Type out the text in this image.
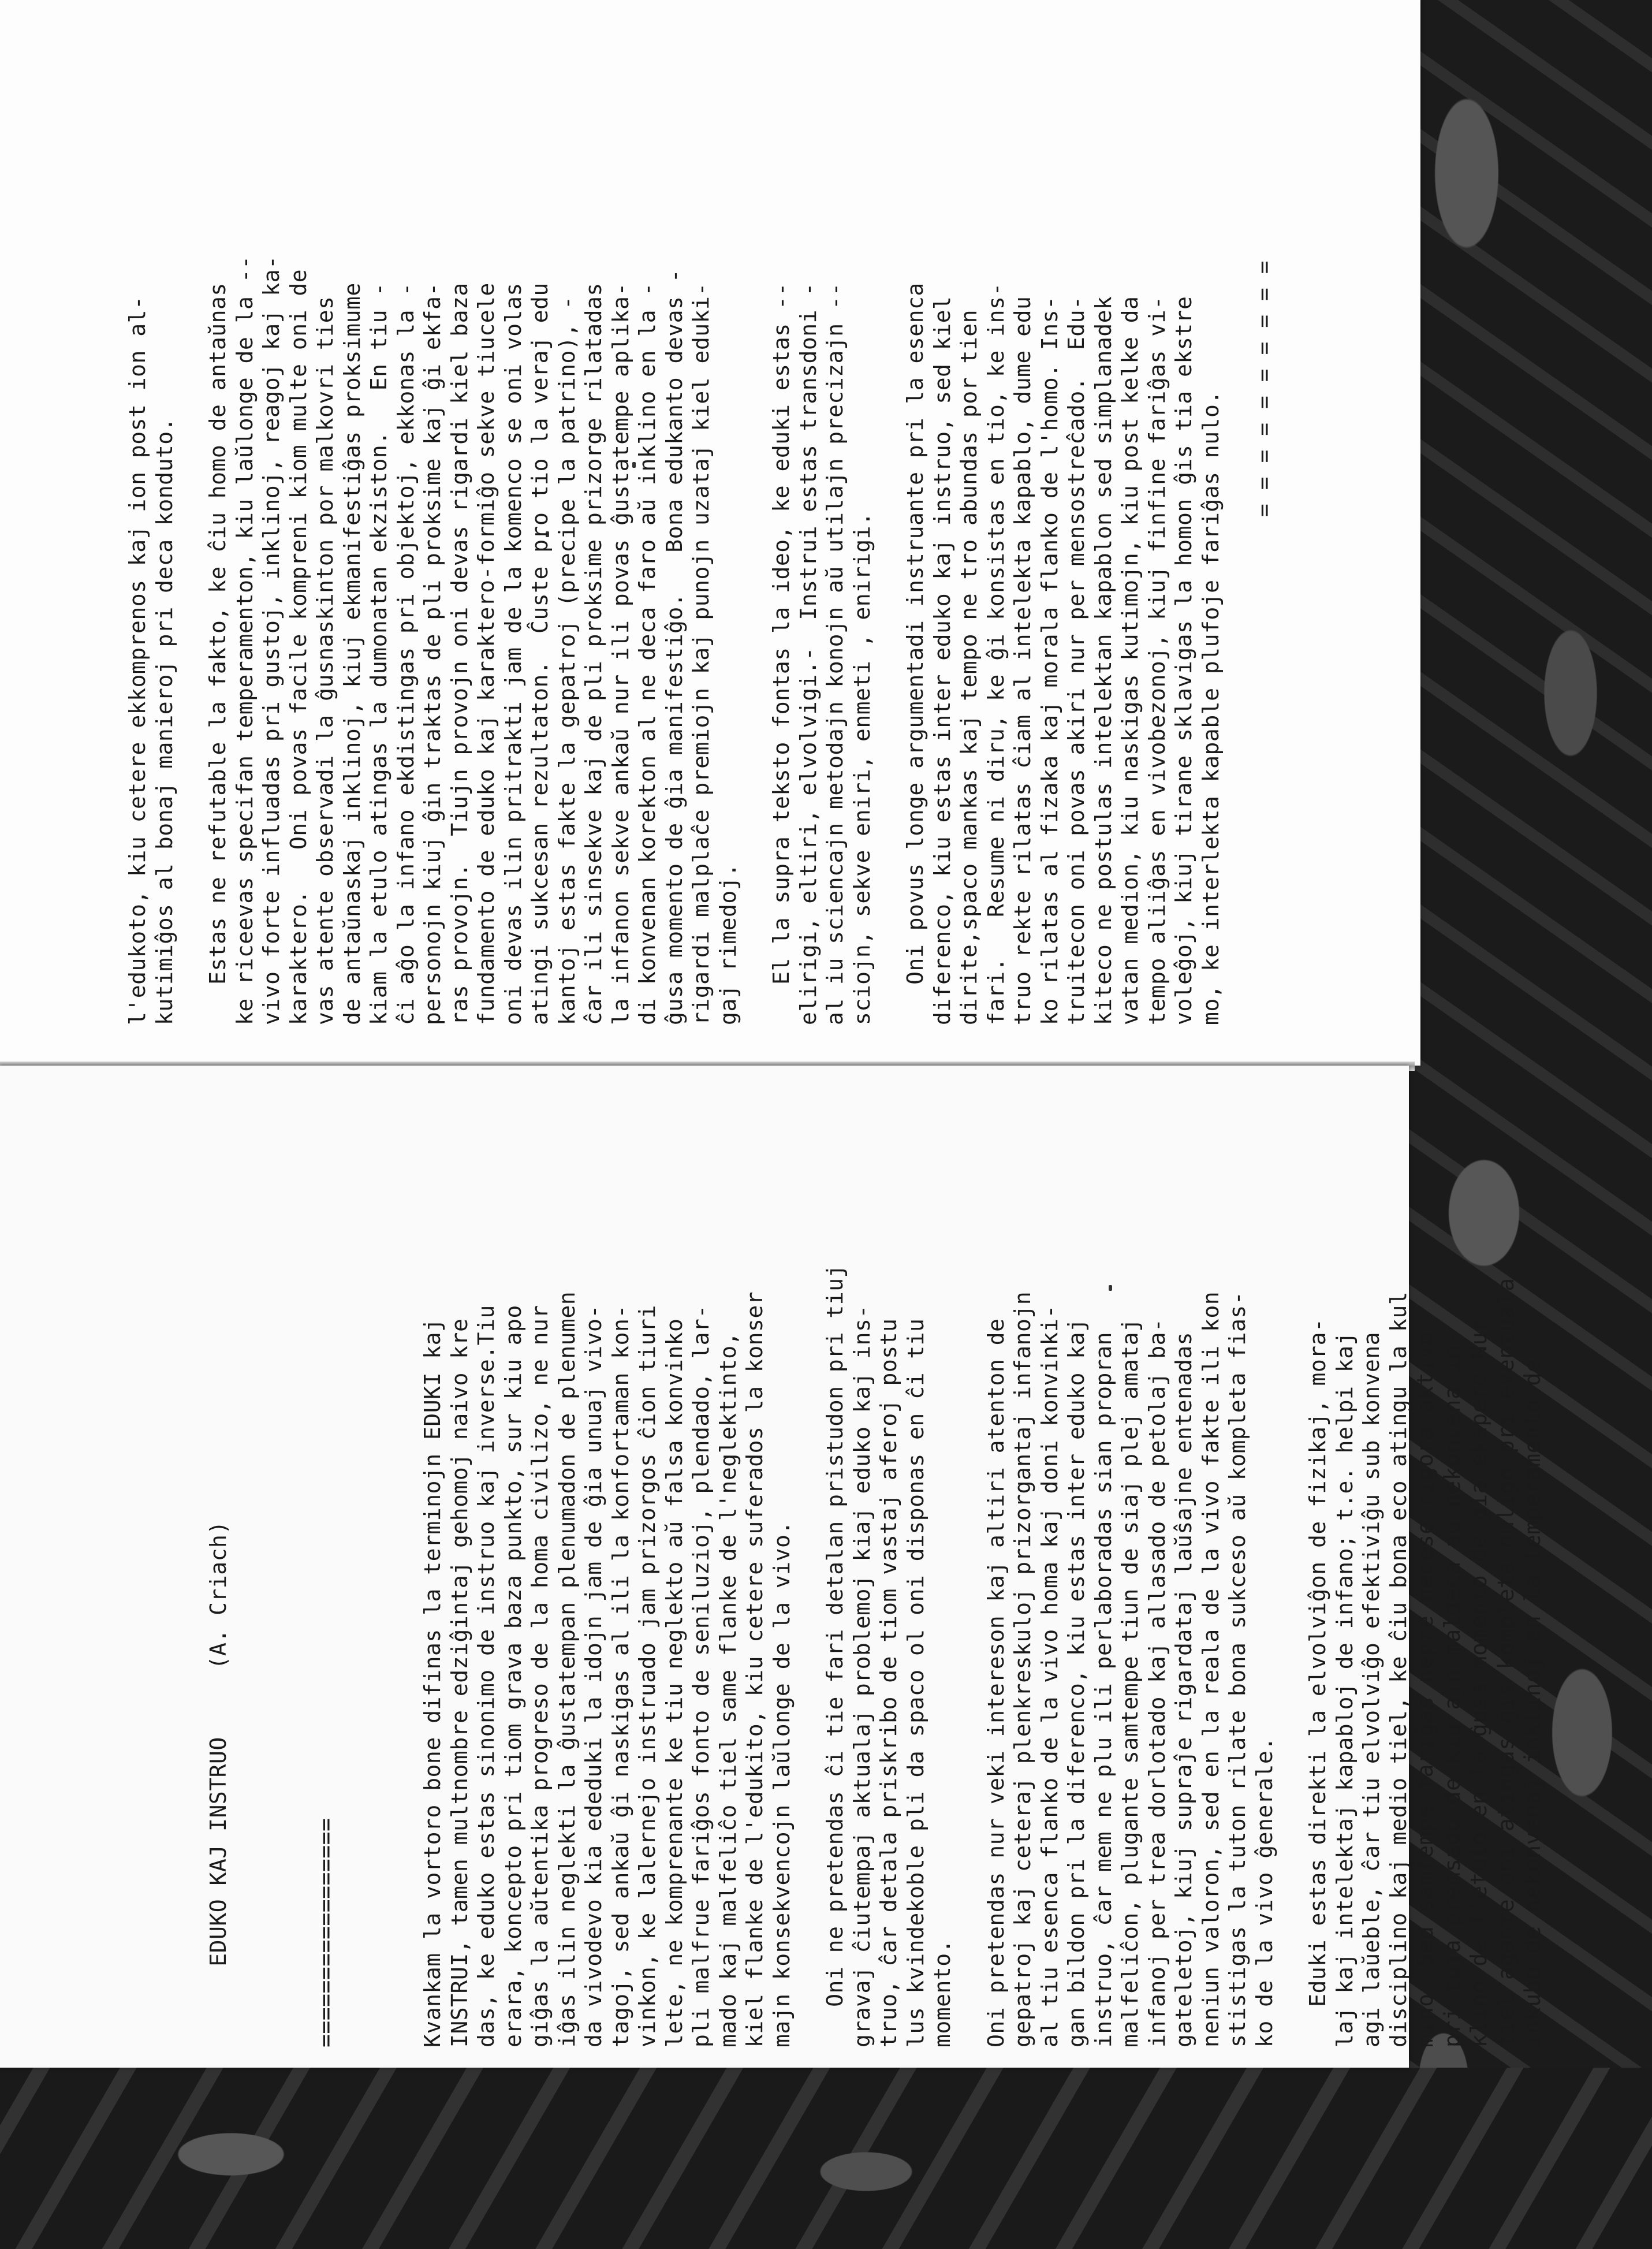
l'edukoto, kiu cetere ekkomprenos kaj ion post ion al- kutimiĝos al bonaj manieroj pri deca konduto. Estas ne refutable la fakto, ke ĉiu homo de antaŭnas ke riceevas specifan temperamenton, kiu laŭlonge de la -- vivo forte influadas pri gustoj, inklinoj, reagoj kaj ka- karaktero.   Oni povas facile kompreni kiom multe oni de vas atente observadi la ĝusnaskinton por malkovri ties de antaŭnaskaj inklinoj, kiuj ekmanifestiĝas proksimume kiam la etulo atingas la dumonatan ekziston.   En tiu - ĉi aĝo la infano ekdistingas pri objektoj, ekkonas la - personojn kiuj ĝin traktas de pli proksime kaj ĝi ekfa- ras provojn.  Tiujn provojn oni devas rigardi kiel baza fundamento de eduko kaj karaktero-formiĝo sekve tiucele oni devas ilin pritrakti jam de la komenco se oni volas atingi sukcesan rezultaton.  Ĉuste pro tio la veraj edu kantoj estas fakte la gepatroj (precipe la patrino), - ĉar ili sinsekve kaj de pli proksime prizorge rilatadas la infanon sekve ankaŭ nur ili povas ĝustatempe aplika- di konvenan korekton al ne deca faro aŭ inklino en la - ĝusa momento de ĝia manifestiĝo.   Bona edukanto devas - rigardi malplaĉe premiojn kaj punojn uzataj kiel eduki- gaj rimedoj. El la supra teksto fontas la ideo, ke eduki estas -- elirigi, eltiri, elvolvigi.-  Instrui estas transdoni - al iu sciencajn metodajn konojn aŭ utilajn precizajn -- sciojn, sekve eniri, enmeti , enirigi. Oni povus longe argumentadi instruante pri la esenca diferenco, kiu estas inter eduko kaj instruo, sed kiel dirite,spaco mankas kaj tempo ne tro abundas por tien fari.   Resume ni diru, ke ĝi konsistas en tio, ke ins- truo rekte rilatas ĉiam al intelekta kapablo, dume edu ko rilatas al fizaka kaj morala flanko de l'homo. Ins- truitecon oni povas akiri nur per mensostreĉado.  Edu- kiteco ne postulas intelektan kapablon sed simplanadek vatan medion, kiu naskigas kutimojn, kiu post kelke da tempo aliiĝas en vivobezonoj, kiuj finfine fariĝas vi- voleĝoj, kiuj tirane sklavigas la homon ĝis tia ekstre mo, ke interlekta kapable plufoje fariĝas nulo.

= = = = = = = = = =

EDUKO KAJ INSTRUO     (A. Criach)

=================

	Kvankam la vortoro bone difinas la terminojn EDUKI kaj INSTRUI, tamen multnombre edziĝintaj gehomoj naivo kre das, ke eduko estas sinonimo de instruo kaj inverse.Tiu erara, koncepto pri tiom grava baza punkto, sur kiu apo giĝas la aŭtentika progreso de la homa civilizo, ne nur iĝas ilin neglekti la ĝustatempan plenumadon de plenumen da vivodevo kia ededuki la idojn jam de ĝia unuaj vivo- tagoj, sed ankaŭ ĝi naskigas al ili la konfortaman kon- vinkon, ke lalernejo instruado jam prizorgos ĉion tiuri lete, ne komprenante ke tiu neglekto aŭ falsa konvinko pli malfrue fariĝos fonto de seniluzioj, plendado, lar- mado kaj malfeliĉo tiel same flanke de l'neglektinto, kiel flanke de l'edukito, kiu cetere suferados la konser majn konsekvencojn laŭlonge de la vivo. Oni ne pretendas ĉi tie fari detalan pristudon pri tiuj gravaj ĉiutempaj aktualaj problemoj kiaj eduko kaj ins- truo, ĉar detala priskribo de tiom vastaj aferoj postu lus kvindekoble pli da spaco ol oni disponas en ĉi tiu momento. Oni pretendas nur veki intereson kaj altiri atenton de gepatroj kaj ceteraj plenkreskuloj prizorgantaj infanojn al tiu esenca flanko de la vivo homa kaj doni konvinki- gan bildon pri la diferenco, kiu estas inter eduko kaj instruo, ĉar mem ne plu ili perlaboradas sian propran malfeliĉon, plugante samtempe tiun de siaj plej amataj infanoj per trea dorlotado kaj allasado de petolaj ba- gateletoj, kiuj supraĵe rigardataj laŭŝajne entenadas neniun valoron, sed en la reala de la vivo fakte ili kon stistigas la tuton rilate bona sukceso aŭ kompleta fias- ko de la vivo ĝenerale. Eduki estas direkti la elvolviĝon de fizikaj, mora- laj kaj intelektaj kapabloj de infano; t.e. helpi kaj agi laŭeble, ĉar tiu elvolviĝo efektiviĝu sub konvena disciplino kaj medio tiel, ke ĉiu bona eco atingu la kul mino. Sed samtempe fariĝas nepre necese rigora aktivo pri tuja premsado de kiu ajn maldeca aŭ nekonvena in- klino de l'etulo en la ĝusa momento de ĝia ekapero.Nur tiel agante oni atingas ĝis kompleta nuligo pri eventuala inkubo de nekonvenaj inklinoj en la temperamento de
